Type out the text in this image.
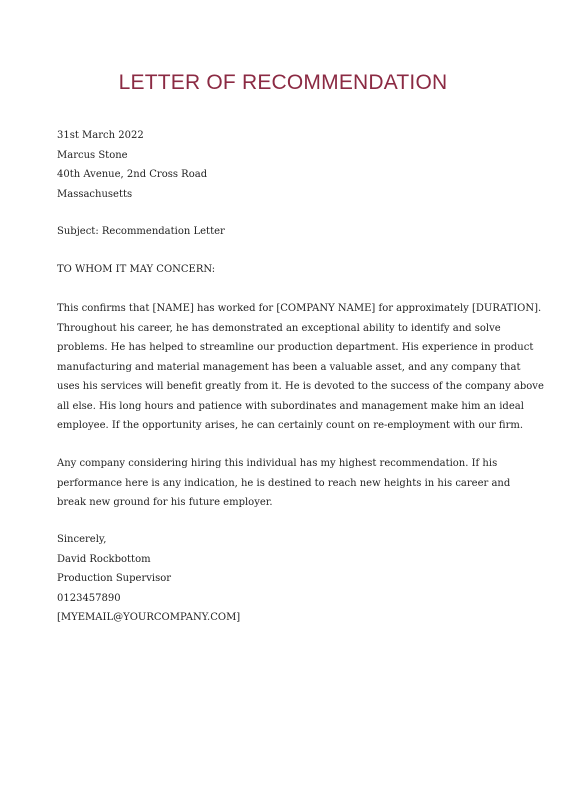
LETTER OF RECOMMENDATION
31st March 2022
Marcus Stone
40th Avenue, 2nd Cross Road
Massachusetts
Subject: Recommendation Letter
TO WHOM IT MAY CONCERN:
This confirms that [NAME] has worked for [COMPANY NAME] for approximately [DURATION].
Throughout his career, he has demonstrated an exceptional ability to identify and solve
problems. He has helped to streamline our production department. His experience in product
manufacturing and material management has been a valuable asset, and any company that
uses his services will benefit greatly from it. He is devoted to the success of the company above
all else. His long hours and patience with subordinates and management make him an ideal
employee. If the opportunity arises, he can certainly count on re-employment with our firm.
Any company considering hiring this individual has my highest recommendation. If his
performance here is any indication, he is destined to reach new heights in his career and
break new ground for his future employer.
Sincerely,
David Rockbottom
Production Supervisor
0123457890
[MYEMAIL@YOURCOMPANY.COM]
